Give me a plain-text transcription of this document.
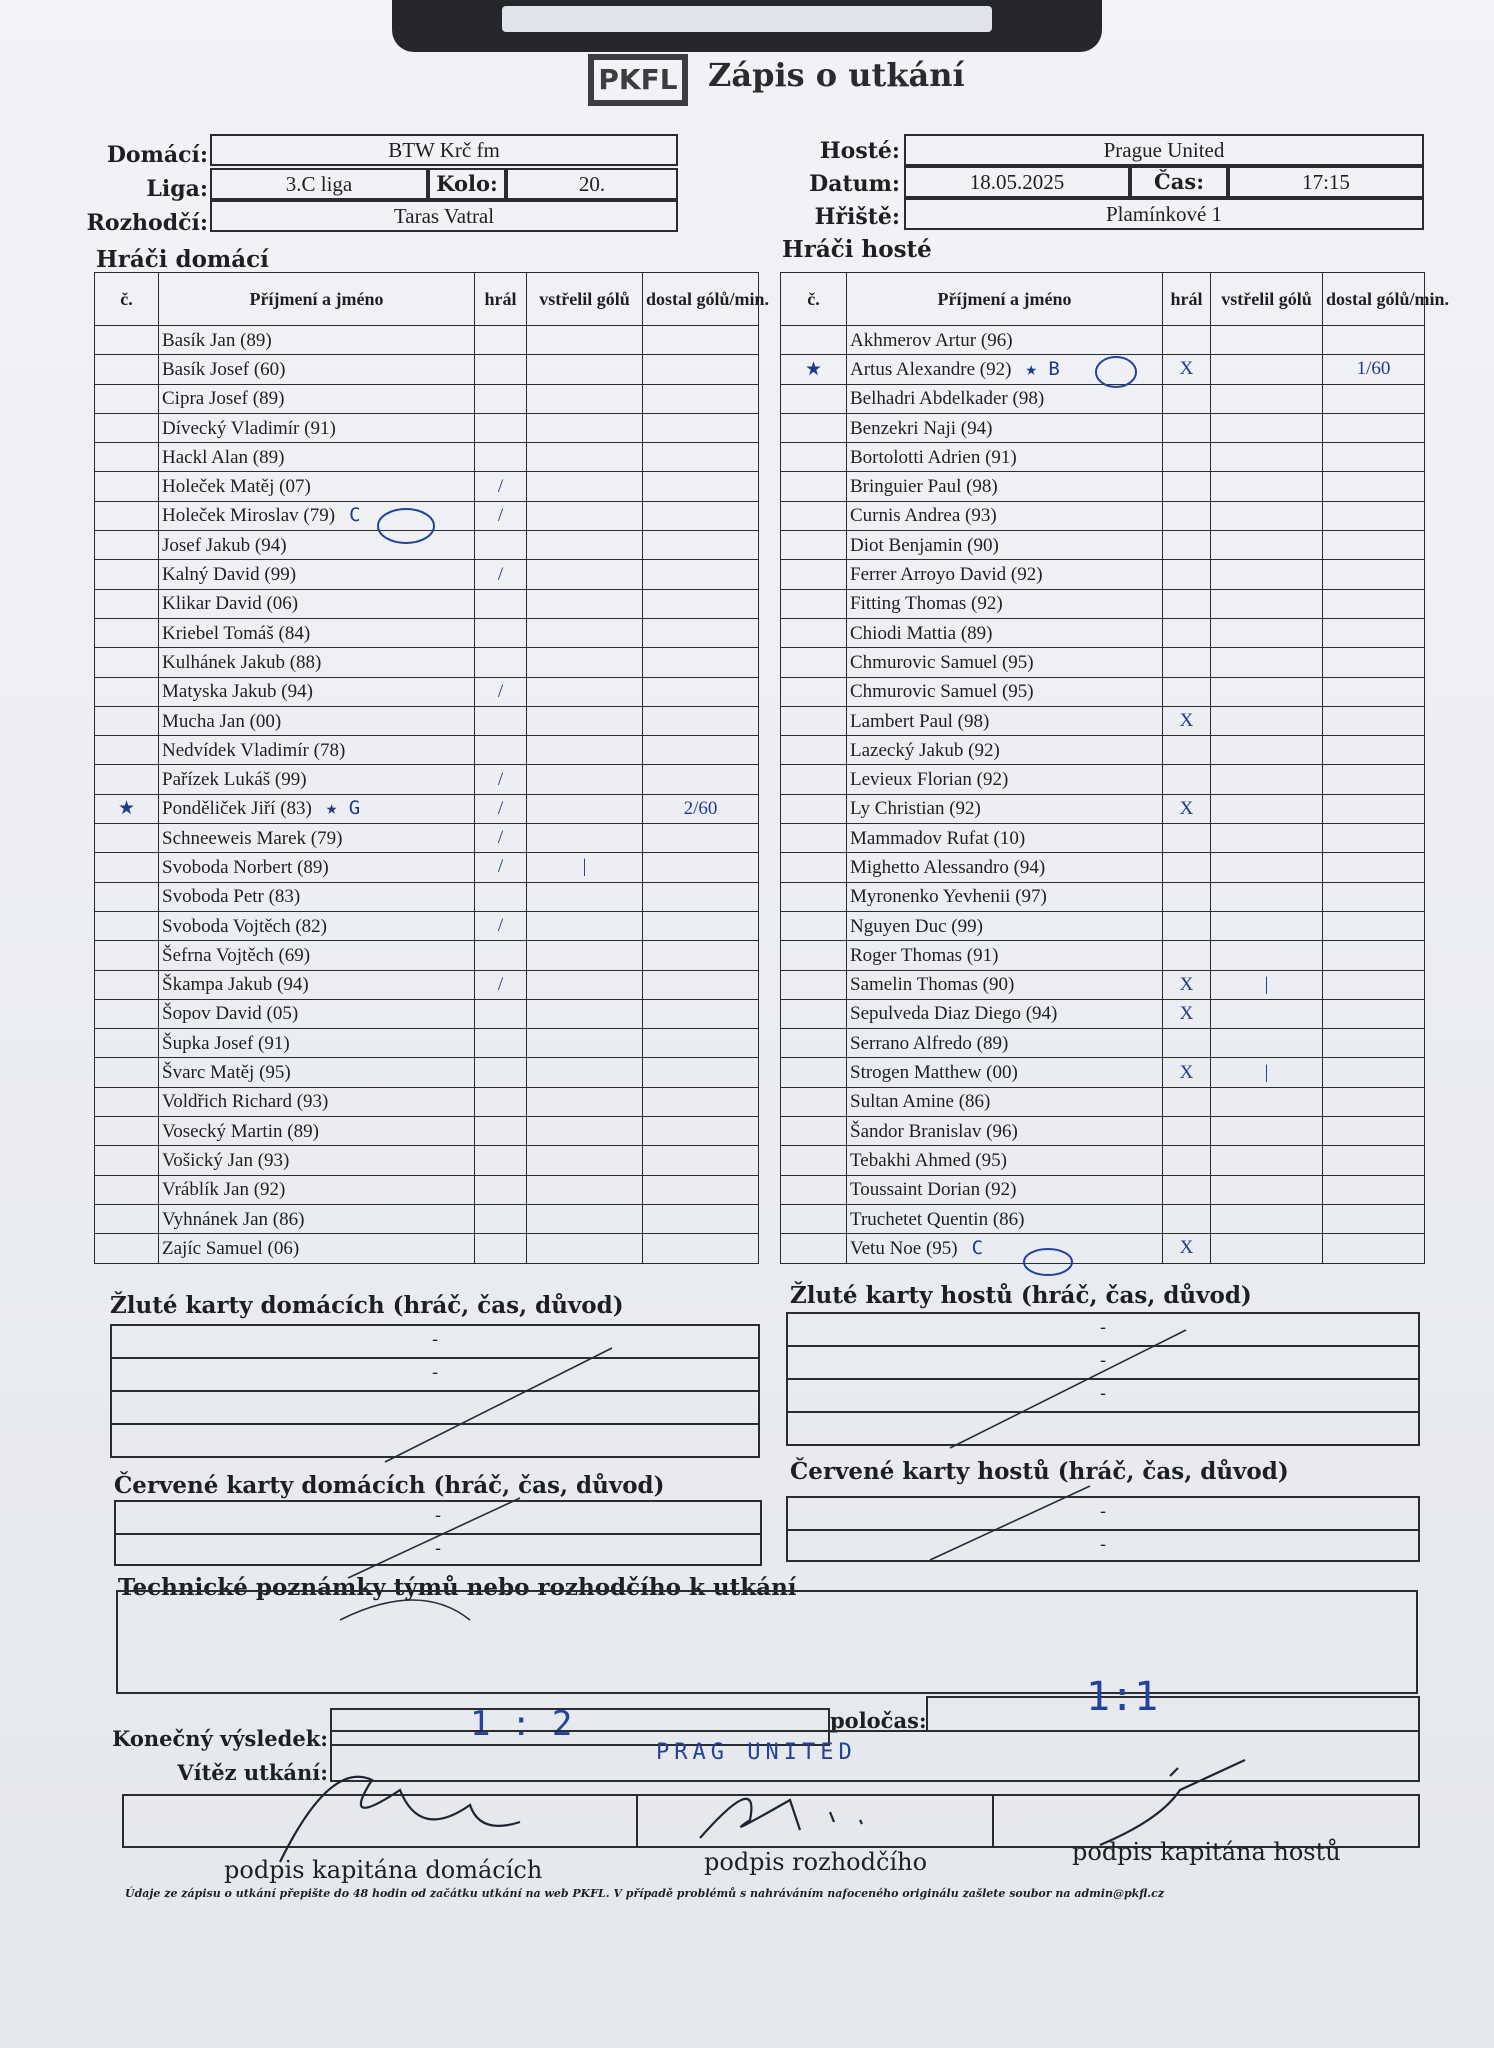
PKFL Zápis o utkání
Domácí:	BTW Krč fm
Liga:	3.C liga	Kolo:	20.
Rozhodčí:	Taras Vatral
Hosté:	Prague United
Datum:	18.05.2025	Čas:	17:15
Hřiště:	Plamínkové 1
Hráči domácí	Hráči hosté
č.	Příjmení a jméno	hrál	vstřelil gólů	dostal gólů/min.
	Basík Jan (89)			
	Basík Josef (60)			
	Cipra Josef (89)			
	Dívecký Vladimír (91)			
	Hackl Alan (89)			
	Holeček Matěj (07)	/		
	Holeček Miroslav (79) C	/		
	Josef Jakub (94)			
	Kalný David (99)	/		
	Klikar David (06)			
	Kriebel Tomáš (84)			
	Kulhánek Jakub (88)			
	Matyska Jakub (94)	/		
	Mucha Jan (00)			
	Nedvídek Vladimír (78)			
	Pařízek Lukáš (99)	/		
★	Ponděliček Jiří (83) ★ G	/		2/60
	Schneeweis Marek (79)	/		
	Svoboda Norbert (89)	/	|	
	Svoboda Petr (83)			
	Svoboda Vojtěch (82)	/		
	Šefrna Vojtěch (69)			
	Škampa Jakub (94)	/		
	Šopov David (05)			
	Šupka Josef (91)			
	Švarc Matěj (95)			
	Voldřich Richard (93)			
	Vosecký Martin (89)			
	Vošický Jan (93)			
	Vráblík Jan (92)			
	Vyhnánek Jan (86)			
	Zajíc Samuel (06)			
č.	Příjmení a jméno	hrál	vstřelil gólů	dostal gólů/min.
	Akhmerov Artur (96)			
★	Artus Alexandre (92) ★ B	X		1/60
	Belhadri Abdelkader (98)			
	Benzekri Naji (94)			
	Bortolotti Adrien (91)			
	Bringuier Paul (98)			
	Curnis Andrea (93)			
	Diot Benjamin (90)			
	Ferrer Arroyo David (92)			
	Fitting Thomas (92)			
	Chiodi Mattia (89)			
	Chmurovic Samuel (95)			
	Chmurovic Samuel (95)			
	Lambert Paul (98)	X		
	Lazecký Jakub (92)			
	Levieux Florian (92)			
	Ly Christian (92)	X		
	Mammadov Rufat (10)			
	Mighetto Alessandro (94)			
	Myronenko Yevhenii (97)			
	Nguyen Duc (99)			
	Roger Thomas (91)			
	Samelin Thomas (90)	X	|	
	Sepulveda Diaz Diego (94)	X		
	Serrano Alfredo (89)			
	Strogen Matthew (00)	X	|	
	Sultan Amine (86)			
	Šandor Branislav (96)			
	Tebakhi Ahmed (95)			
	Toussaint Dorian (92)			
	Truchetet Quentin (86)			
	Vetu Noe (95) C	X		
Žluté karty domácích (hráč, čas, důvod)
-
-
Žluté karty hostů (hráč, čas, důvod)
-
-
-
Červené karty domácích (hráč, čas, důvod)
-
-
Červené karty hostů (hráč, čas, důvod)
-
-
Technické poznámky týmů nebo rozhodčího k utkání
Konečný výsledek:	1 : 2	poločas:
1:1
Vítěz utkání:
PRAG UNITED
podpis kapitána domácích	podpis rozhodčího	podpis kapitána hostů
Údaje ze zápisu o utkání přepište do 48 hodin od začátku utkání na web PKFL. V případě problémů s nahráváním nafoceného originálu zašlete soubor na admin@pkfl.cz
